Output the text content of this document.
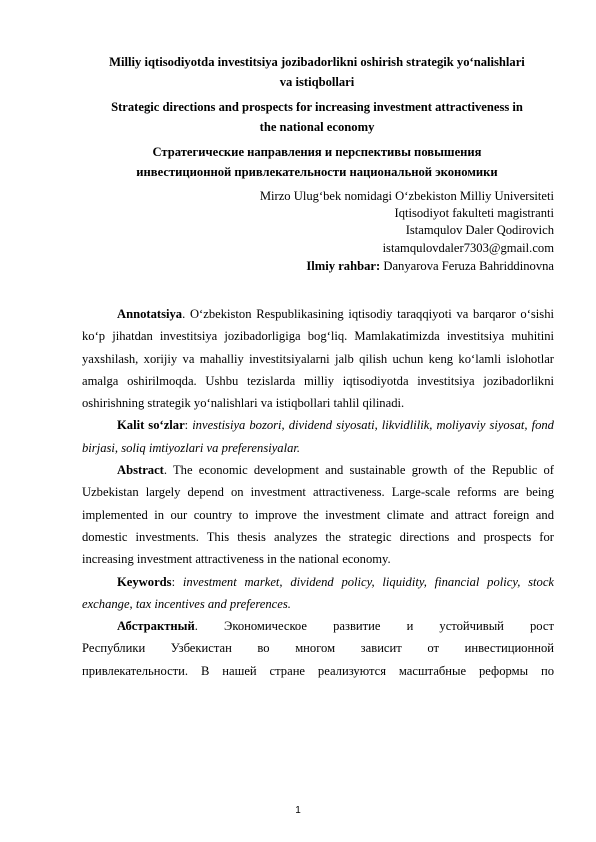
Milliy iqtisodiyotda investitsiya jozibadorlikni oshirish strategik yo‘nalishlari
va istiqbollari
Strategic directions and prospects for increasing investment attractiveness in
the national economy
Стратегические направления и перспективы повышения
инвестиционной привлекательности национальной экономики
Mirzo Ulug‘bek nomidagi O‘zbekiston Milliy Universiteti
Iqtisodiyot fakulteti magistranti
Istamqulov Daler Qodirovich
istamqulovdaler7303@gmail.com
Ilmiy rahbar: Danyarova Feruza Bahriddinovna

Annotatsiya. O‘zbekiston Respublikasining iqtisodiy taraqqiyoti va barqaror o‘sishi ko‘p jihatdan investitsiya jozibadorligiga bog‘liq. Mamlakatimizda investitsiya muhitini yaxshilash, xorijiy va mahalliy investitsiyalarni jalb qilish uchun keng ko‘lamli islohotlar amalga oshirilmoqda. Ushbu tezislarda milliy iqtisodiyotda investitsiya jozibadorlikni oshirishning strategik yo‘nalishlari va istiqbollari tahlil qilinadi.

Kalit so‘zlar: investisiya bozori, dividend siyosati, likvidlilik, moliyaviy siyosat, fond birjasi, soliq imtiyozlari va preferensiyalar.

Abstract. The economic development and sustainable growth of the Republic of Uzbekistan largely depend on investment attractiveness. Large-scale reforms are being implemented in our country to improve the investment climate and attract foreign and domestic investments. This thesis analyzes the strategic directions and prospects for increasing investment attractiveness in the national economy.

Keywords: investment market, dividend policy, liquidity, financial policy, stock exchange, tax incentives and preferences.

Абстрактный. Экономическое развитие и устойчивый рост

Республики Узбекистан во многом зависит от инвестиционной

привлекательности. В нашей стране реализуются масштабные реформы по

1
